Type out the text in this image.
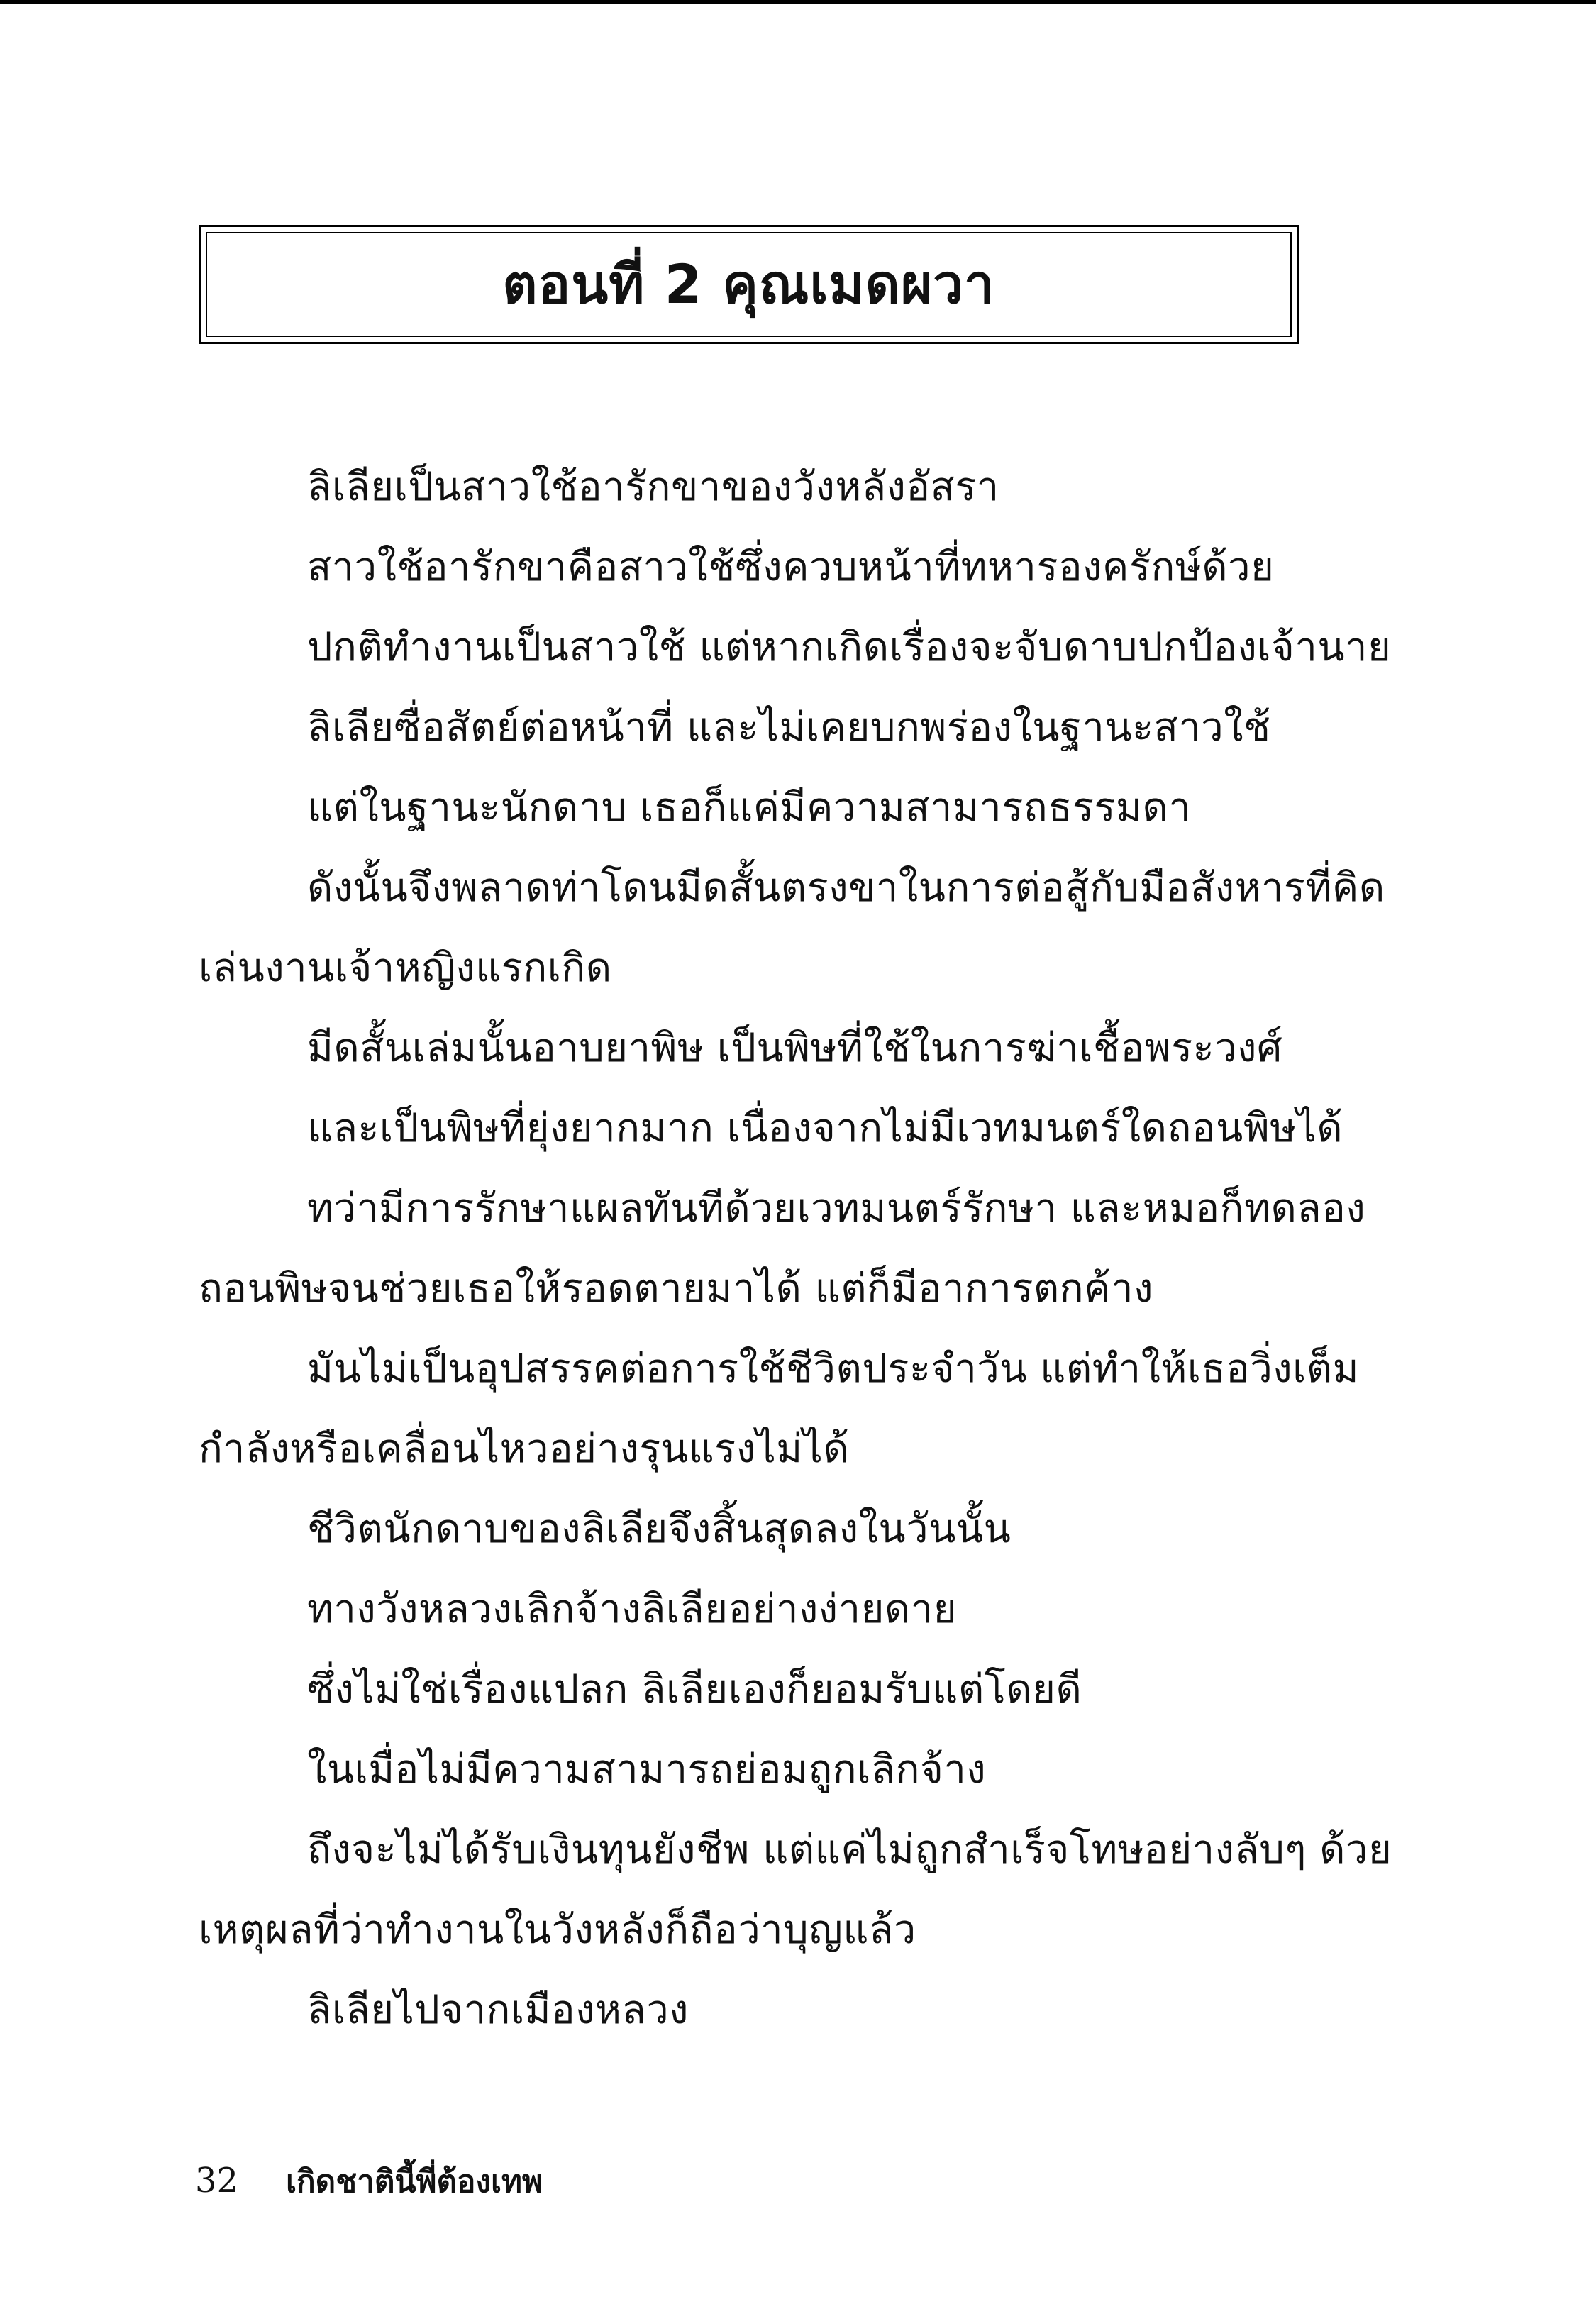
ตอนที่ 2 คุณเมดผวา
ลิเลียเป็นสาวใช้อารักขาของวังหลังอัสรา
สาวใช้อารักขาคือสาวใช้ซึ่งควบหน้าที่ทหารองครักษ์ด้วย
ปกติทำงานเป็นสาวใช้ แต่หากเกิดเรื่องจะจับดาบปกป้องเจ้านาย
ลิเลียซื่อสัตย์ต่อหน้าที่ และไม่เคยบกพร่องในฐานะสาวใช้
แต่ในฐานะนักดาบ เธอก็แค่มีความสามารถธรรมดา
ดังนั้นจึงพลาดท่าโดนมีดสั้นตรงขาในการต่อสู้กับมือสังหารที่คิด
เล่นงานเจ้าหญิงแรกเกิด
มีดสั้นเล่มนั้นอาบยาพิษ เป็นพิษที่ใช้ในการฆ่าเชื้อพระวงศ์
และเป็นพิษที่ยุ่งยากมาก เนื่องจากไม่มีเวทมนตร์ใดถอนพิษได้
ทว่ามีการรักษาแผลทันทีด้วยเวทมนตร์รักษา และหมอก็ทดลอง
ถอนพิษจนช่วยเธอให้รอดตายมาได้ แต่ก็มีอาการตกค้าง
มันไม่เป็นอุปสรรคต่อการใช้ชีวิตประจำวัน แต่ทำให้เธอวิ่งเต็ม
กำลังหรือเคลื่อนไหวอย่างรุนแรงไม่ได้
ชีวิตนักดาบของลิเลียจึงสิ้นสุดลงในวันนั้น
ทางวังหลวงเลิกจ้างลิเลียอย่างง่ายดาย
ซึ่งไม่ใช่เรื่องแปลก ลิเลียเองก็ยอมรับแต่โดยดี
ในเมื่อไม่มีความสามารถย่อมถูกเลิกจ้าง
ถึงจะไม่ได้รับเงินทุนยังชีพ แต่แค่ไม่ถูกสำเร็จโทษอย่างลับๆ ด้วย
เหตุผลที่ว่าทำงานในวังหลังก็ถือว่าบุญแล้ว
ลิเลียไปจากเมืองหลวง
32	เกิดชาตินี้พี่ต้องเทพ
